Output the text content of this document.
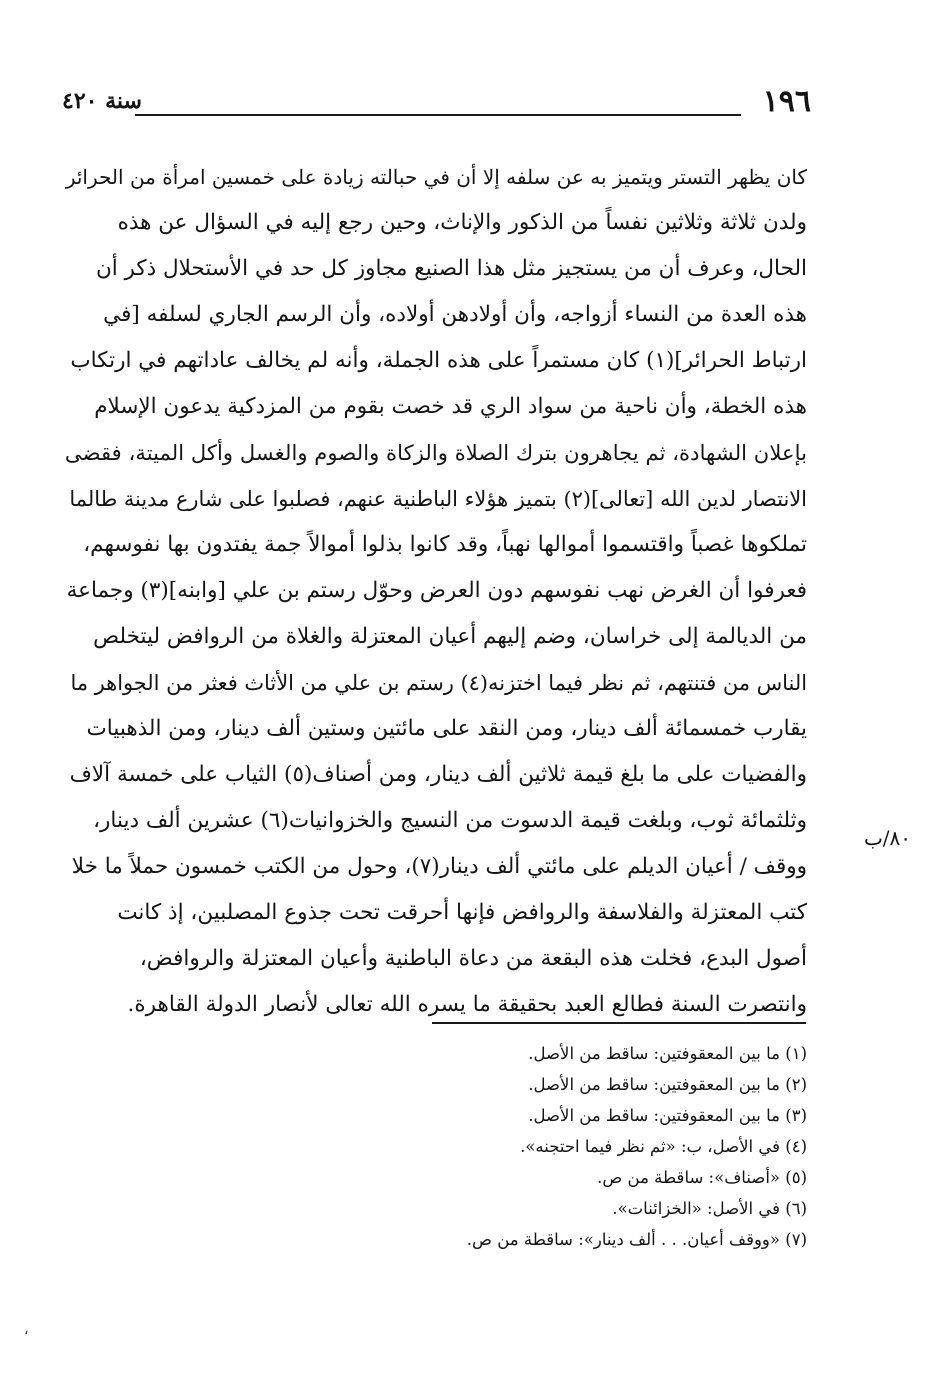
١٩٦
سنة ٤٢٠
كان يظهر التستر ويتميز به عن سلفه إلا أن في حبالته زيادة على خمسين امرأة من الحرائر
ولدن ثلاثة وثلاثين نفساً من الذكور والإناث، وحين رجع إليه في السؤال عن هذه
الحال، وعرف أن من يستجيز مثل هذا الصنيع مجاوز كل حد في الأستحلال ذكر أن
هذه العدة من النساء أزواجه، وأن أولادهن أولاده، وأن الرسم الجاري لسلفه [في
ارتباط الحرائر](١) كان مستمراً على هذه الجملة، وأنه لم يخالف عاداتهم في ارتكاب
هذه الخطة، وأن ناحية من سواد الري قد خصت بقوم من المزدكية يدعون الإسلام
بإعلان الشهادة، ثم يجاهرون بترك الصلاة والزكاة والصوم والغسل وأكل الميتة، فقضى
الانتصار لدين الله [تعالى](٢) بتميز هؤلاء الباطنية عنهم، فصلبوا على شارع مدينة طالما
تملكوها غصباً واقتسموا أموالها نهباً، وقد كانوا بذلوا أموالاً جمة يفتدون بها نفوسهم،
فعرفوا أن الغرض نهب نفوسهم دون العرض وحوّل رستم بن علي [وابنه](٣) وجماعة
من الديالمة إلى خراسان، وضم إليهم أعيان المعتزلة والغلاة من الروافض ليتخلص
الناس من فتنتهم، ثم نظر فيما اختزنه(٤) رستم بن علي من الأثاث فعثر من الجواهر ما
يقارب خمسمائة ألف دينار، ومن النقد على مائتين وستين ألف دينار، ومن الذهبيات
والفضيات على ما بلغ قيمة ثلاثين ألف دينار، ومن أصناف(٥) الثياب على خمسة آلاف
وثلثمائة ثوب، وبلغت قيمة الدسوت من النسيج والخزوانيات(٦) عشرين ألف دينار،
ووقف / أعيان الديلم على مائتي ألف دينار(٧)، وحول من الكتب خمسون حملاً ما خلا
كتب المعتزلة والفلاسفة والروافض فإنها أحرقت تحت جذوع المصلبين، إذ كانت
أصول البدع، فخلت هذه البقعة من دعاة الباطنية وأعيان المعتزلة والروافض،
وانتصرت السنة فطالع العبد بحقيقة ما يسره الله تعالى لأنصار الدولة القاهرة.
٨٠/ب
(١) ما بين المعقوفتين: ساقط من الأصل.
(٢) ما بين المعقوفتين: ساقط من الأصل.
(٣) ما بين المعقوفتين: ساقط من الأصل.
(٤) في الأصل، ب: «ثم نظر فيما احتجنه».
(٥) «أصناف»: ساقطة من ص.
(٦) في الأصل: «الخزائنات».
(٧) «ووقف أعيان. . . ألف دينار»: ساقطة من ص.
،
